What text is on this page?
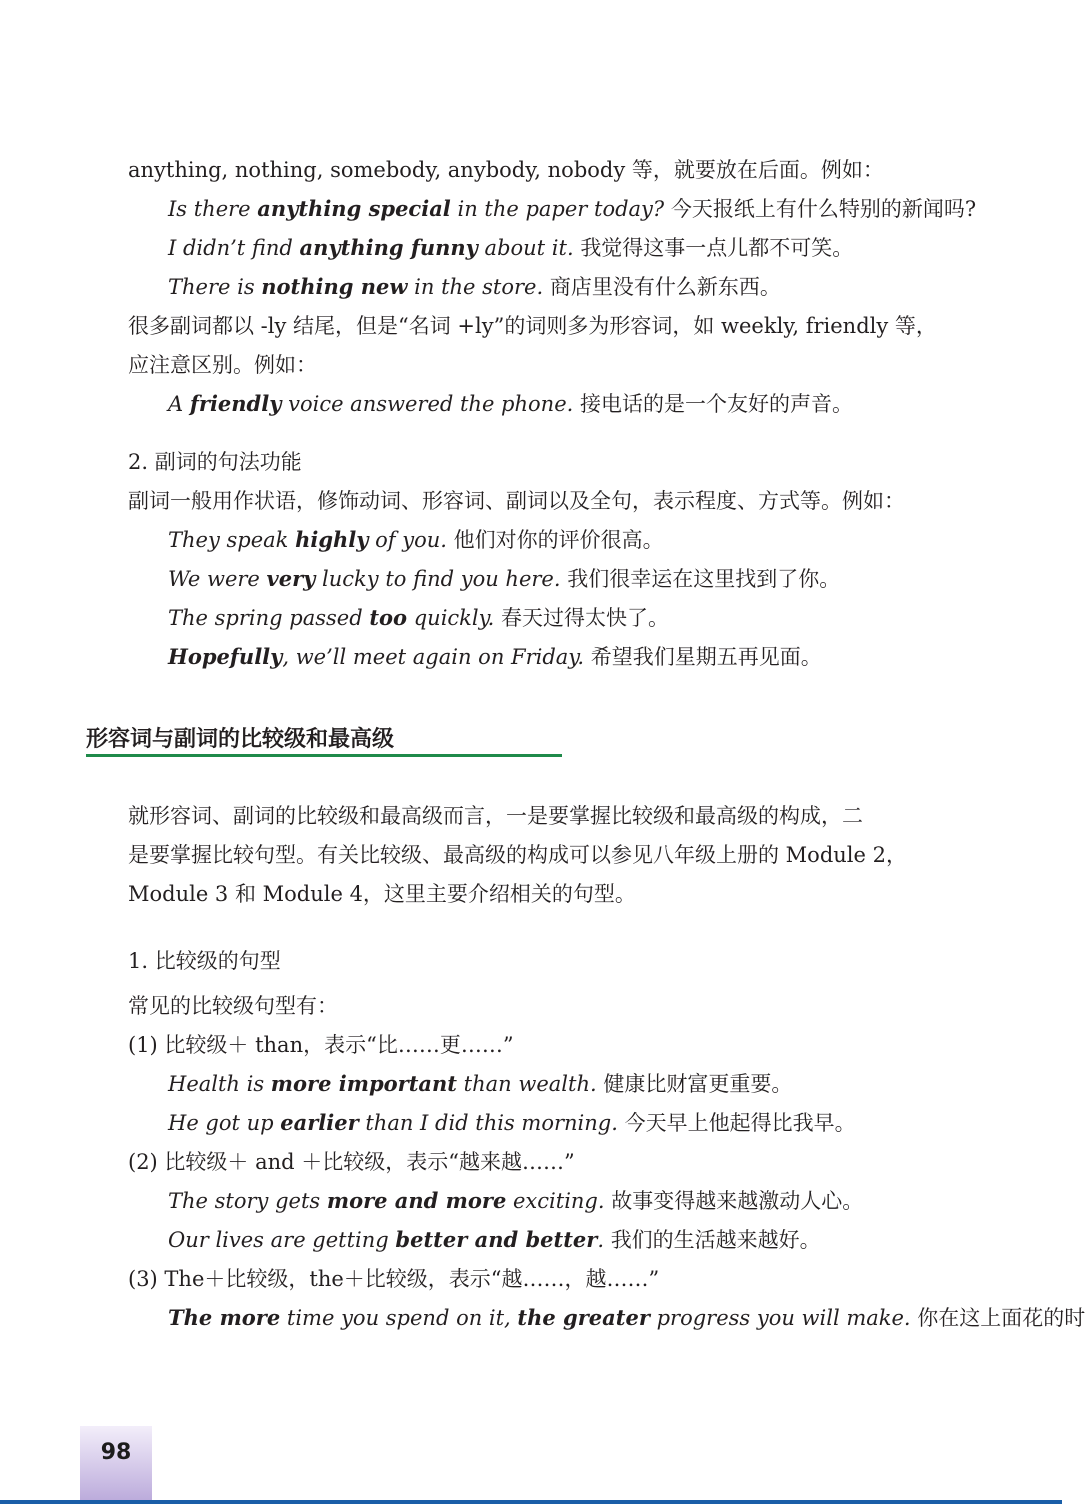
anything, nothing, somebody, anybody, nobody 等，就要放在后面。例如：
Is there anything special in the paper today? 今天报纸上有什么特别的新闻吗?
I didn’t find anything funny about it. 我觉得这事一点儿都不可笑。
There is nothing new in the store. 商店里没有什么新东西。
很多副词都以 -ly 结尾，但是“名词 +ly”的词则多为形容词，如 weekly, friendly 等，
应注意区别。例如：
A friendly voice answered the phone. 接电话的是一个友好的声音。
2. 副词的句法功能
副词一般用作状语，修饰动词、形容词、副词以及全句，表示程度、方式等。例如：
They speak highly of you. 他们对你的评价很高。
We were very lucky to find you here. 我们很幸运在这里找到了你。
The spring passed too quickly. 春天过得太快了。
Hopefully, we’ll meet again on Friday. 希望我们星期五再见面。
形容词与副词的比较级和最高级
就形容词、副词的比较级和最高级而言，一是要掌握比较级和最高级的构成，二
是要掌握比较句型。有关比较级、最高级的构成可以参见八年级上册的 Module 2，
Module 3 和 Module 4，这里主要介绍相关的句型。
1. 比较级的句型
常见的比较级句型有：
(1) 比较级＋ than，表示“比……更……”
Health is more important than wealth. 健康比财富更重要。
He got up earlier than I did this morning. 今天早上他起得比我早。
(2) 比较级＋ and ＋比较级，表示“越来越……”
The story gets more and more exciting. 故事变得越来越激动人心。
Our lives are getting better and better. 我们的生活越来越好。
(3) The＋比较级，the＋比较级，表示“越……，越……”
The more time you spend on it, the greater progress you will make. 你在这上面花的时
98
